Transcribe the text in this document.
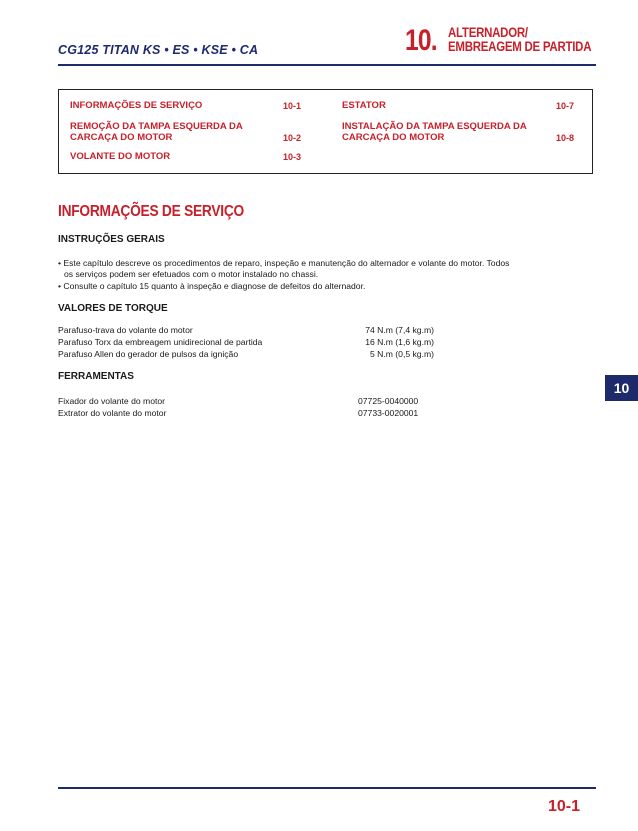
CG125 TITAN KS • ES • KSE • CA	10. ALTERNADOR/
EMBREAGEM DE PARTIDA
INFORMAÇÕES DE SERVIÇO	10-1
REMOÇÃO DA TAMPA ESQUERDA DA
CARCAÇA DO MOTOR	10-2
VOLANTE DO MOTOR	10-3
ESTATOR	10-7
INSTALAÇÃO DA TAMPA ESQUERDA DA
CARCAÇA DO MOTOR	10-8
INFORMAÇÕES DE SERVIÇO
INSTRUÇÕES GERAIS
• Este capítulo descreve os procedimentos de reparo, inspeção e manutenção do alternador e volante do motor. Todos
os serviços podem ser efetuados com o motor instalado no chassi.
• Consulte o capítulo 15 quanto à inspeção e diagnose de defeitos do alternador.
VALORES DE TORQUE
Parafuso-trava do volante do motor	74 N.m (7,4 kg.m)
Parafuso Torx da embreagem unidirecional de partida	16 N.m (1,6 kg.m)
Parafuso Allen do gerador de pulsos da ignição	5 N.m (0,5 kg.m)
FERRAMENTAS
Fixador do volante do motor	07725-0040000
Extrator do volante do motor	07733-0020001
10
10-1
